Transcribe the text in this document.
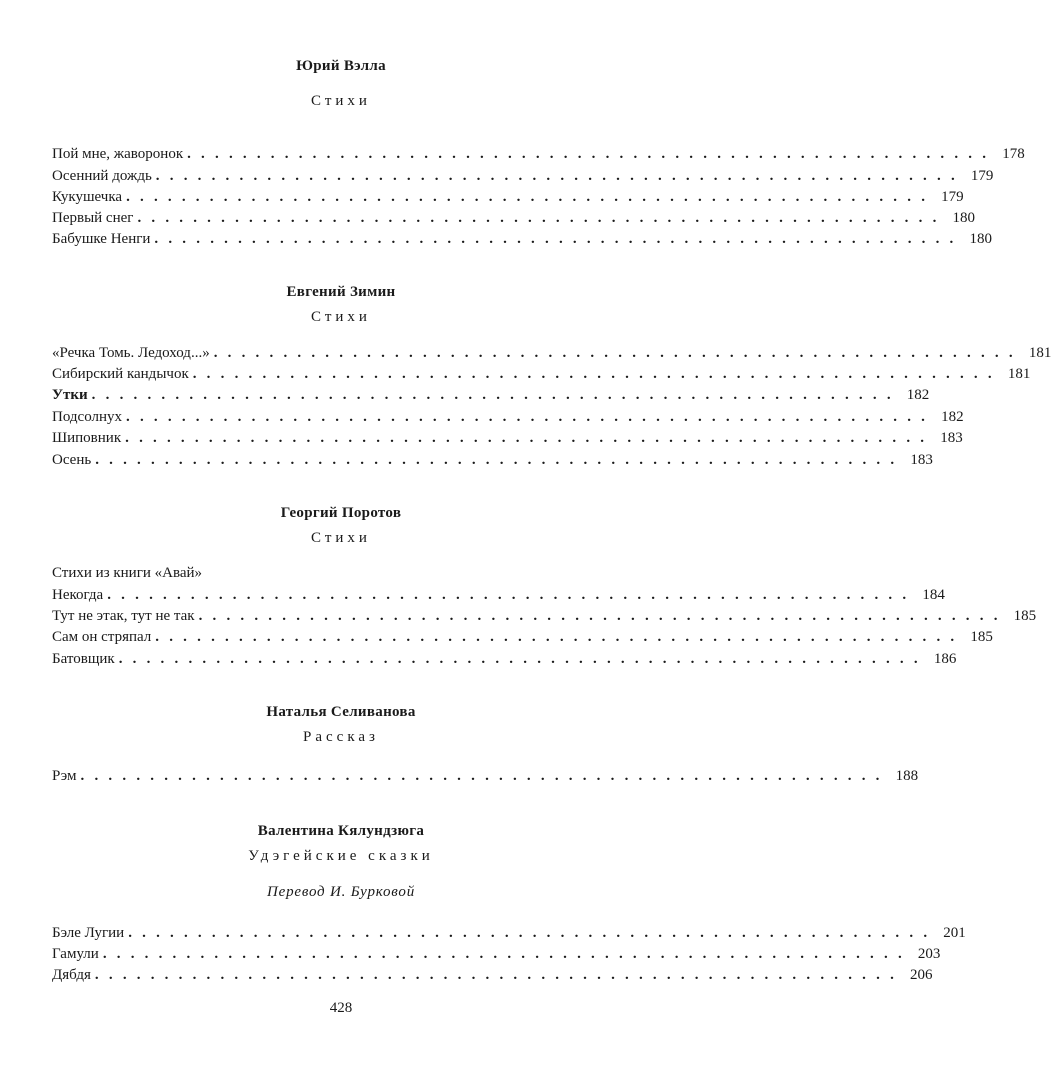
Юрий Вэлла
Стихи
Пой мне, жаворонок .......................................................... 178
Осенний дождь .......................................................... 179
Кукушечка .......................................................... 179
Первый снег .......................................................... 180
Бабушке Ненги .......................................................... 180
Евгений Зимин
Стихи
«Речка Томь. Ледоход...» .......................................................... 181
Сибирский кандычок .......................................................... 181
Утки .......................................................... 182
Подсолнух .......................................................... 182
Шиповник .......................................................... 183
Осень .......................................................... 183
Георгий Поротов
Стихи
Стихи из книги «Авай»
Некогда .......................................................... 184
Тут не этак, тут не так .......................................................... 185
Сам он стряпал .......................................................... 185
Батовщик .......................................................... 186
Наталья Селиванова
Рассказ
Рэм .......................................................... 188
Валентина Кялундзюга
Удэгейские сказки
Перевод И. Бурковой
Бэле Лугии .......................................................... 201
Гамули .......................................................... 203
Дябдя .......................................................... 206
428
